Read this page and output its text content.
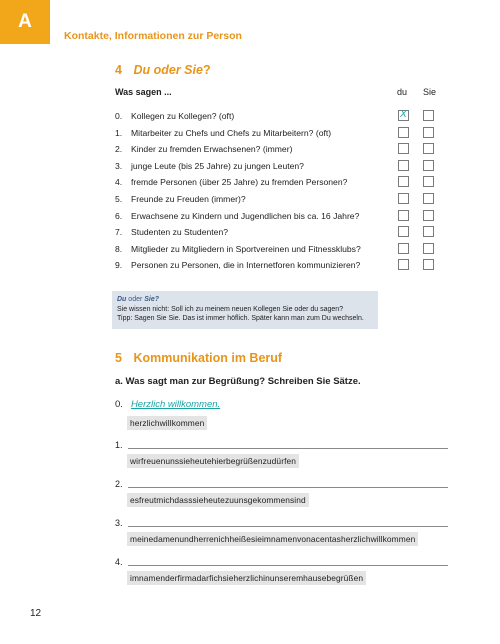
A
Kontakte, Informationen zur Person
4 Du oder Sie?
Was sagen ...	du Sie
0. Kollegen zu Kollegen? (oft)	X
1. Mitarbeiter zu Chefs und Chefs zu Mitarbeitern? (oft)
2. Kinder zu fremden Erwachsenen? (immer)
3. junge Leute (bis 25 Jahre) zu jungen Leuten?
4. fremde Personen (über 25 Jahre) zu fremden Personen?
5. Freunde zu Freuden (immer)?
6. Erwachsene zu Kindern und Jugendlichen bis ca. 16 Jahre?
7. Studenten zu Studenten?
8. Mitglieder zu Mitgliedern in Sportvereinen und Fitnessklubs?
9. Personen zu Personen, die in Internetforen kommunizieren?
Du oder Sie?
Sie wissen nicht: Soll ich zu meinem neuen Kollegen Sie oder du sagen?
Tipp: Sagen Sie Sie. Das ist immer höflich. Später kann man zum Du wechseln.
5 Kommunikation im Beruf
a. Was sagt man zur Begrüßung? Schreiben Sie Sätze.
0. Herzlich willkommen.
herzlichwillkommen
1.
wirfreuenunssieheutehierbegrüßenzudürfen
2.
esfreutmichdasssieheutezuunsgekommensind
3.
meinedamenundherrenichheißesieimnamenvonacentasherzlichwillkommen
4.
imnamenderfirmadarfichsieherzlichinunseremhausebegrüßen
12
